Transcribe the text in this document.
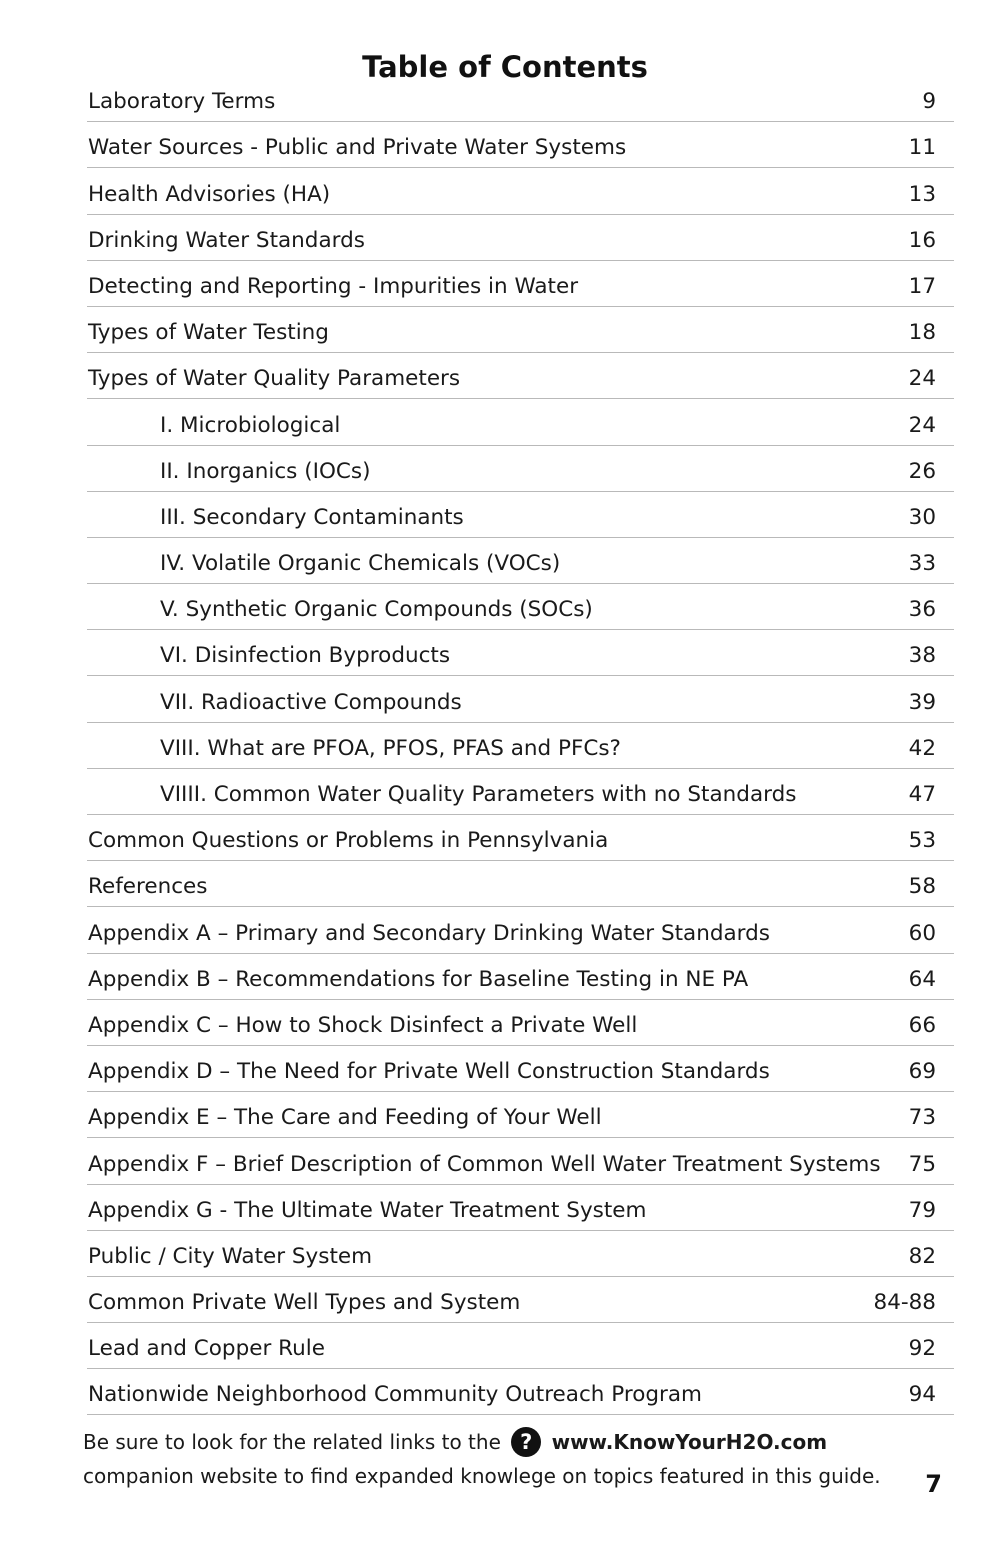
Table of Contents
Laboratory Terms	9
Water Sources - Public and Private Water Systems	11
Health Advisories (HA)	13
Drinking Water Standards	16
Detecting and Reporting - Impurities in Water	17
Types of Water Testing	18
Types of Water Quality Parameters	24
I. Microbiological	24
II. Inorganics (IOCs)	26
III. Secondary Contaminants	30
IV. Volatile Organic Chemicals (VOCs)	33
V. Synthetic Organic Compounds (SOCs)	36
VI. Disinfection Byproducts	38
VII. Radioactive Compounds	39
VIII. What are PFOA, PFOS, PFAS and PFCs?	42
VIIII. Common Water Quality Parameters with no Standards	47
Common Questions or Problems in Pennsylvania	53
References	58
Appendix A – Primary and Secondary Drinking Water Standards	60
Appendix B – Recommendations for Baseline Testing in NE PA	64
Appendix C – How to Shock Disinfect a Private Well	66
Appendix D – The Need for Private Well Construction Standards	69
Appendix E – The Care and Feeding of Your Well	73
Appendix F – Brief Description of Common Well Water Treatment Systems 75
Appendix G - The Ultimate Water Treatment System	79
Public / City Water System	82
Common Private Well Types and System	84-88
Lead and Copper Rule	92
Nationwide Neighborhood Community Outreach Program	94
Be sure to look for the related links to the ? www.KnowYourH2O.com companion website to find expanded knowlege on topics featured in this guide.	7
